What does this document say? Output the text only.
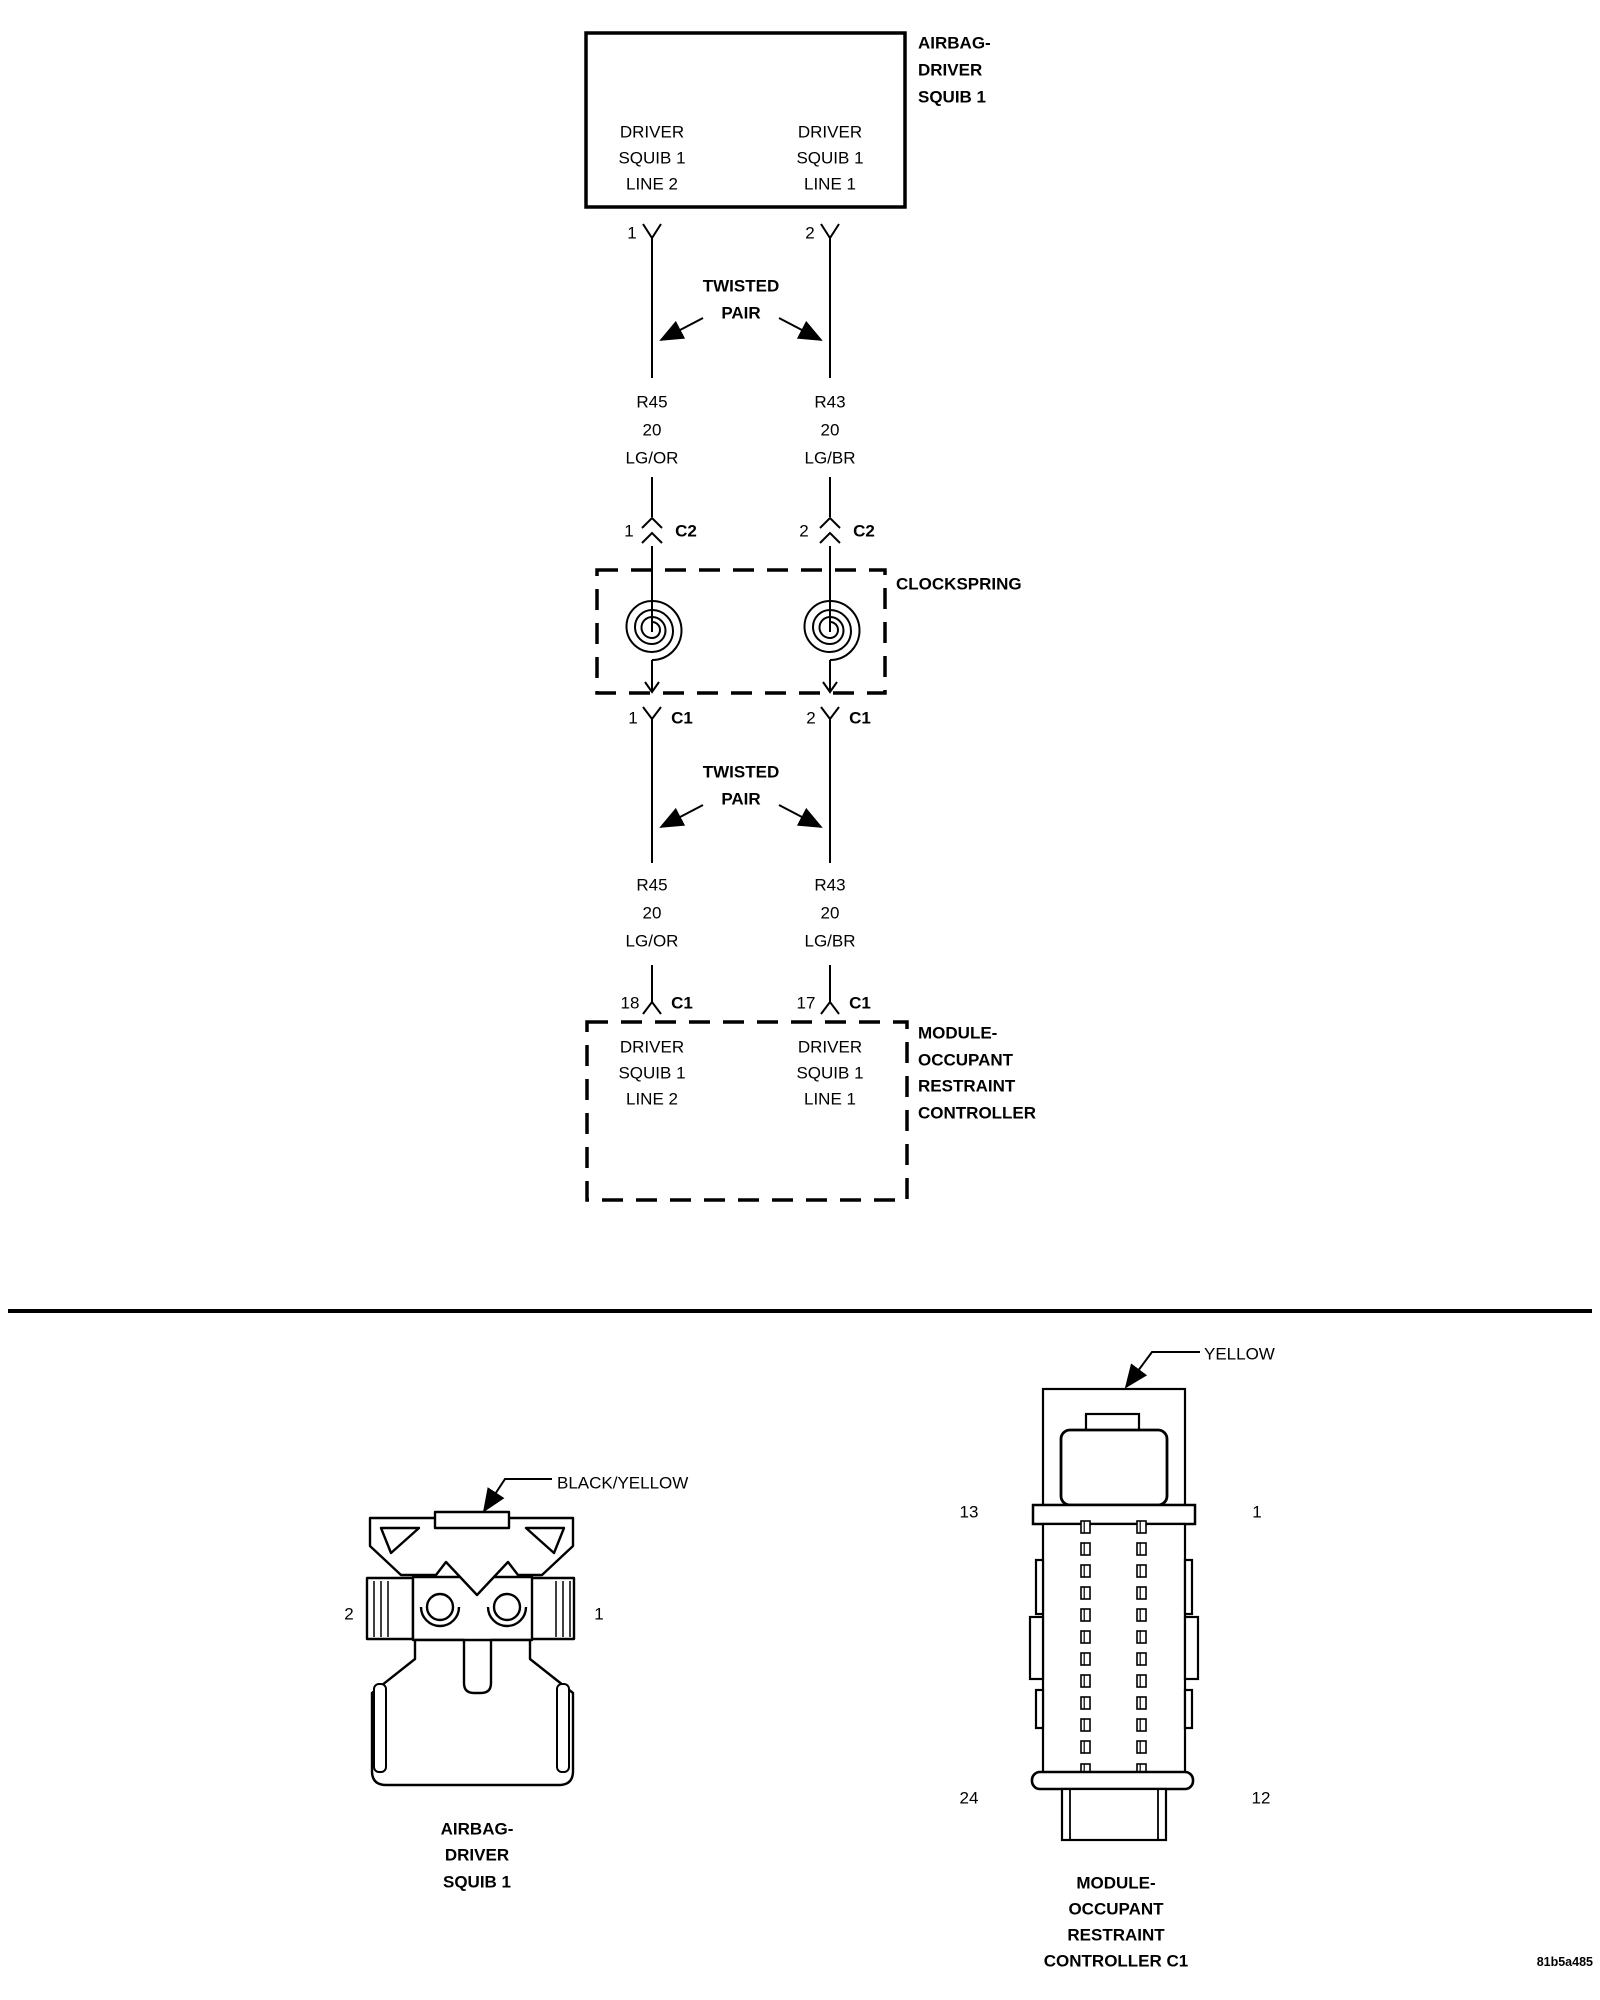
AIRBAG-
DRIVER
SQUIB 1
DRIVER
SQUIB 1
LINE 2
DRIVER
SQUIB 1
LINE 1
1	2
TWISTED
PAIR
R45
20
LG/OR
R43
20
LG/BR
1 C2	2	C2
CLOCKSPRING
1 C1	2 C1
TWISTED
PAIR
R45
20
LG/OR
R43
20
LG/BR
18 C1	17 C1
DRIVER
SQUIB 1
LINE 2
DRIVER
SQUIB 1
LINE 1
MODULE-
OCCUPANT
RESTRAINT
CONTROLLER
BLACK/YELLOW
2	1
AIRBAG-
DRIVER
SQUIB 1
YELLOW
13	1
24	12
MODULE-
OCCUPANT
RESTRAINT
CONTROLLER C1	81b5a485
